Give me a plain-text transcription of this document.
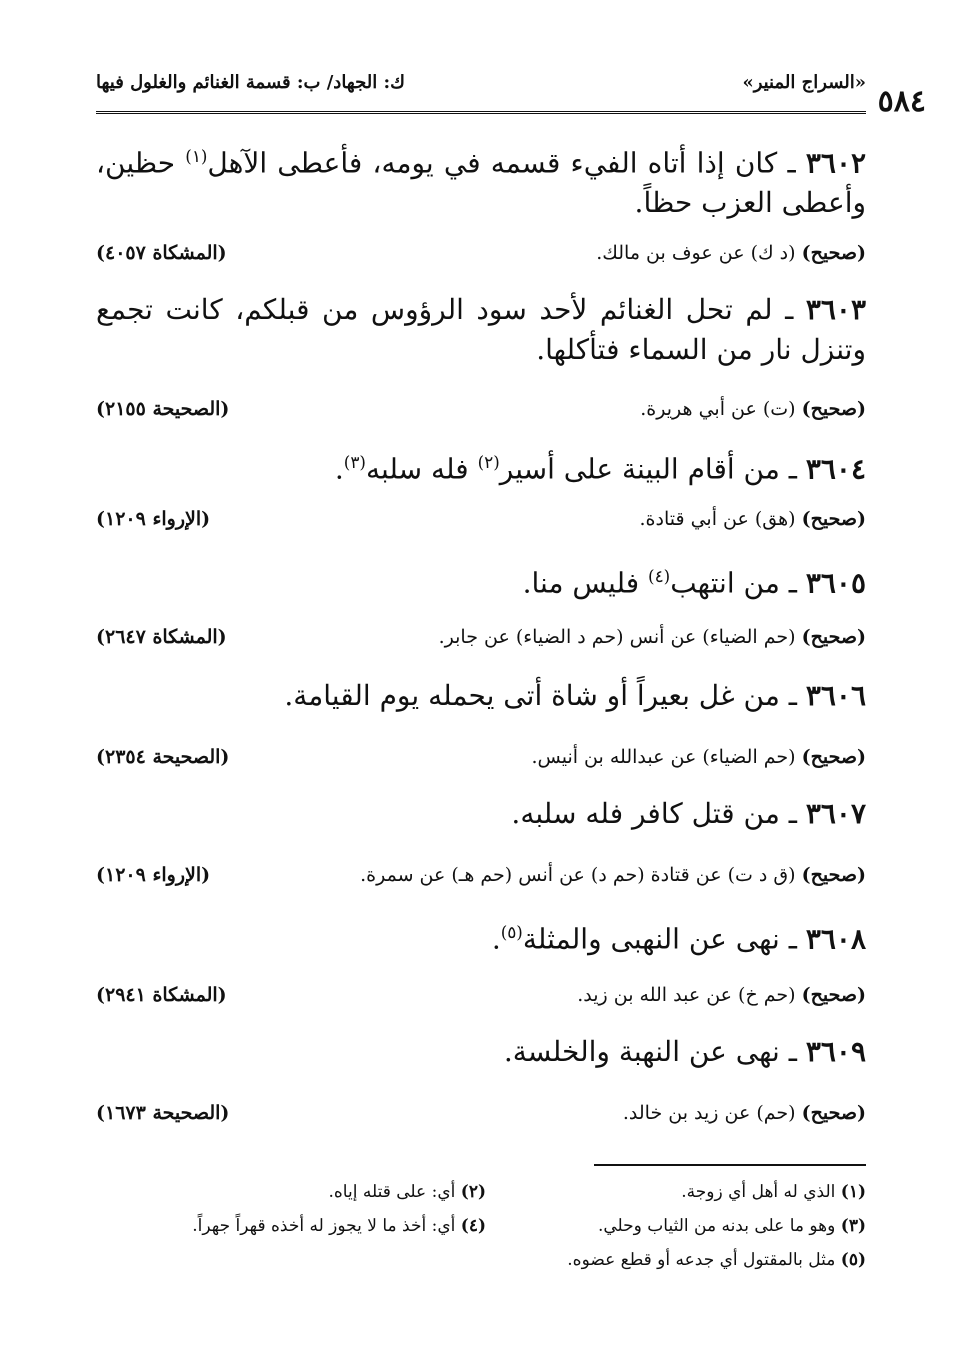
٥٨٤
«السراج المنير»
ك: الجهاد/ ب: قسمة الغنائم والغلول فيها
٣٦٠٢ ـ كان إذا أتاه الفيء قسمه في يومه، فأعطى الآهل$^{(١)}$ حظين، وأعطى العزب حظاً.
(صحيح) (د ك) عن عوف بن مالك.
(المشكاة ٤٠٥٧)
٣٦٠٣ ـ لم تحل الغنائم لأحد سود الرؤوس من قبلكم، كانت تجمع وتنزل نار من السماء فتأكلها.
(صحيح) (ت) عن أبي هريرة.
(الصحيحة ٢١٥٥)
٣٦٠٤ ـ من أقام البينة على أسير$^{(٢)}$ فله سلبه$^{(٣)}$.
(صحيح) (هق) عن أبي قتادة.
(الإرواء ١٢٠٩)
٣٦٠٥ ـ من انتهب$^{(٤)}$ فليس منا.
(صحيح) (حم الضياء) عن أنس (حم د الضياء) عن جابر.
(المشكاة ٢٦٤٧)
٣٦٠٦ ـ من غل بعيراً أو شاة أتى يحمله يوم القيامة.
(صحيح) (حم الضياء) عن عبدالله بن أنيس.
(الصحيحة ٢٣٥٤)
٣٦٠٧ ـ من قتل كافر فله سلبه.
(صحيح) (ق د ت) عن قتادة (حم د) عن أنس (حم هـ) عن سمرة.
(الإرواء ١٢٠٩)
٣٦٠٨ ـ نهى عن النهبى والمثلة$^{(٥)}$.
(صحيح) (حم خ) عن عبد الله بن زيد.
(المشكاة ٢٩٤١)
٣٦٠٩ ـ نهى عن النهبة والخلسة.
(صحيح) (حم) عن زيد بن خالد.
(الصحيحة ١٦٧٣)
(١) الذي له أهل أي زوجة.
(٢) أي: على قتله إياه.
(٣) وهو ما على بدنه من الثياب وحلي.
(٤) أي: أخذ ما لا يجوز له أخذه قهراً جهراً.
(٥) مثل بالمقتول أي جدعه أو قطع عضوه.
